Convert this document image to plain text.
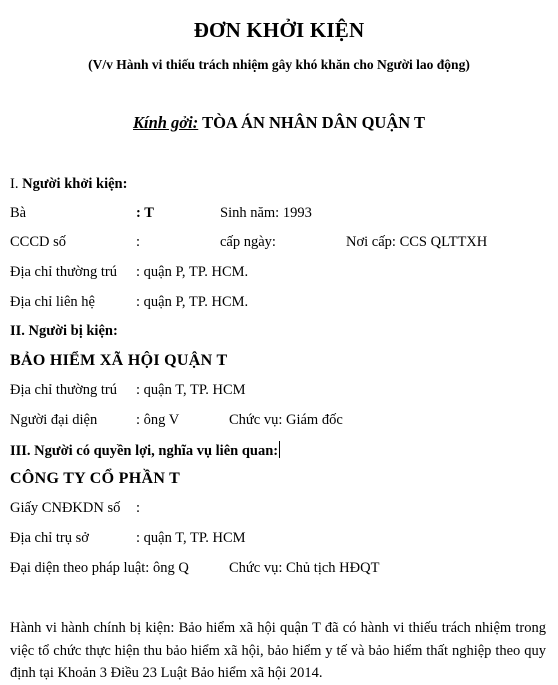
ĐƠN KHỞI KIỆN
(V/v Hành vi thiếu trách nhiệm gây khó khăn cho Người lao động)
Kính gởi: TÒA ÁN NHÂN DÂN QUẬN T
I. Người khởi kiện:
Bà	: T	Sinh năm: 1993
CCCD số	:	cấp ngày:	Nơi cấp: CCS QLTTXH
Địa chỉ thường trú : quận P, TP. HCM.
Địa chỉ liên hệ	: quận P, TP. HCM.
II. Người bị kiện:
BẢO HIỂM XÃ HỘI QUẬN T
Địa chỉ thường trú : quận T, TP. HCM
Người đại diện	: ông V	Chức vụ: Giám đốc
III. Người có quyền lợi, nghĩa vụ liên quan:
CÔNG TY CỔ PHẦN T
Giấy CNĐKDN số :
Địa chỉ trụ sở	: quận T, TP. HCM
Đại diện theo pháp luật: ông Q	Chức vụ: Chủ tịch HĐQT
Hành vi hành chính bị kiện: Bảo hiểm xã hội quận T đã có hành vi thiếu trách nhiệm trong việc tổ chức thực hiện thu bảo hiểm xã hội, bảo hiểm y tế và bảo hiểm thất nghiệp theo quy định tại Khoản 3 Điều 23 Luật Bảo hiểm xã hội 2014.
